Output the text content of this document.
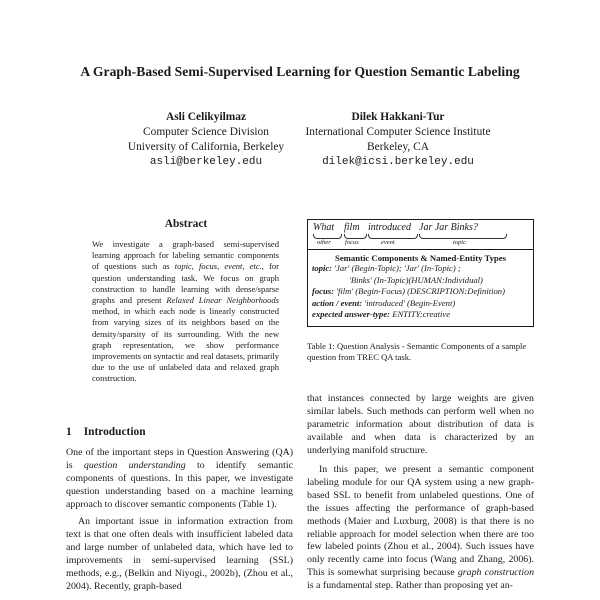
A Graph-Based Semi-Supervised Learning for Question Semantic Labeling
Asli Celikyilmaz
Computer Science Division
University of California, Berkeley
asli@berkeley.edu
Dilek Hakkani-Tur
International Computer Science Institute
Berkeley, CA
dilek@icsi.berkeley.edu
Abstract
We investigate a graph-based semi-supervised learning approach for labeling semantic components of questions such as topic, focus, event, etc., for question understanding task. We focus on graph construction to handle learning with dense/sparse graphs and present Relaxed Linear Neighborhoods method, in which each node is linearly constructed from varying sizes of its neighbors based on the density/sparsity of its surrounding. With the new graph representation, we show performance improvements on syntactic and real datasets, primarily due to the use of unlabeled data and relaxed graph construction.
1 Introduction

One of the important steps in Question Answering (QA) is question understanding to identify semantic components of questions. In this paper, we investigate question understanding based on a machine learning approach to discover semantic components (Table 1).

An important issue in information extraction from text is that one often deals with insufficient labeled data and large number of unlabeled data, which have led to improvements in semi-supervised learning (SSL) methods, e.g., (Belkin and Niyogi., 2002b), (Zhou et al., 2004). Recently, graph-based

What film introduced Jar Jar Binks?
other focus	event	topic
Semantic Components & Named-Entity Types
topic: 'Jar' (Begin-Topic); 'Jar' (In-Topic) ;
'Binks' (In-Topic)(HUMAN:Individual)
focus: 'film' (Begin-Focus) (DESCRIPTION:Definition)
action / event: 'introduced' (Begin-Event)
expected answer-type: ENTITY:creative
Table 1: Question Analysis - Semantic Components of a sample question from TREC QA task.

that instances connected by large weights are given similar labels. Such methods can perform well when no parametric information about distribution of data is available and when data is characterized by an underlying manifold structure.

In this paper, we present a semantic component labeling module for our QA system using a new graph-based SSL to benefit from unlabeled questions. One of the issues affecting the performance of graph-based methods (Maier and Luxburg, 2008) is that there is no reliable approach for model selection when there are too few labeled points (Zhou et al., 2004). Such issues have only recently came into focus (Wang and Zhang, 2006). This is somewhat surprising because graph construction is a fundamental step. Rather than proposing yet an-
